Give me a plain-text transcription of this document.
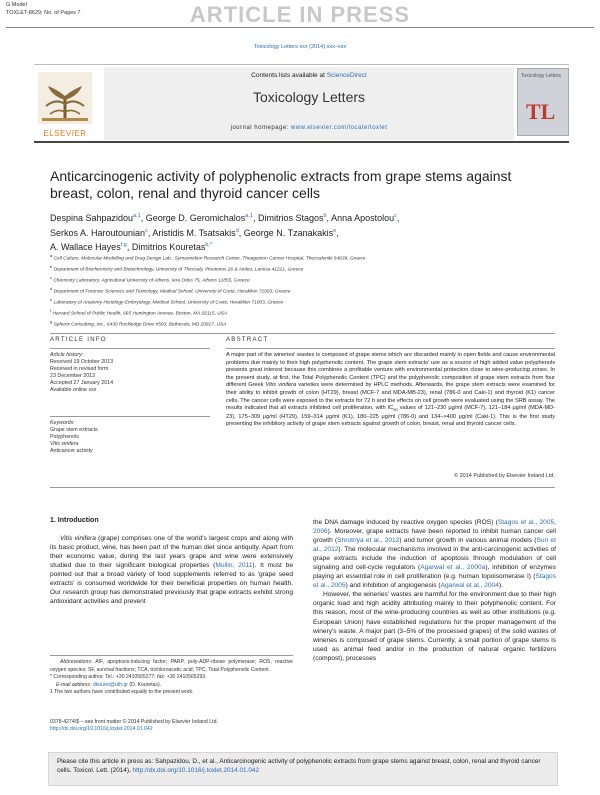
G Model
TOXLET-8629; No. of Pages 7	ARTICLE IN PRESS
Toxicology Letters xxx (2014) xxx–xxx
ELSEVIER
Contents lists available at ScienceDirect
Toxicology Letters
journal homepage: www.elsevier.com/locate/toxlet
Toxicology Letters
TL
Anticarcinogenic activity of polyphenolic extracts from grape stems against breast, colon, renal and thyroid cancer cells
Despina Sahpazidou$^{a,1}$, George D. Geromichalos$^{a,1}$, Dimitrios Stagos$^b$, Anna Apostolou$^c$,
Serkos A. Haroutounian$^c$, Aristidis M. Tsatsakis$^d$, George N. Tzanakakis$^e$,
A. Wallace Hayes$^{f,g}$, Dimitrios Kouretas$^{b,*}$
$^a$ Cell Culture, Molecular Modelling and Drug Design Lab., Symeonidion Research Center, Theagenion Cancer Hospital, Thessaloniki 54639, Greece
$^b$ Department of Biochemistry and Biotechnology, University of Thessaly, Ploutonos 26 & Aiolou, Larissa 41221, Greece
$^c$ Chemistry Laboratory, Agricultural University of Athens, Iera Odos 75, Athens 11855, Greece
$^d$ Department of Forensic Sciences and Toxicology, Medical School, University of Crete, Heraklion 71003, Greece
$^e$ Laboratory of Anatomy-Histology-Embryology, Medical School, University of Crete, Heraklion 71003, Greece
$^f$ Harvard School of Public Health, 665 Huntington Avenue, Boston, MA 02115, USA
$^g$ Spherix Consulting, Inc., 6430 Rockledge Drive #503, Bethesda, MD 20817, USA
ARTICLE INFO	ABSTRACT
Article history:
Received 19 October 2013
Received in revised form
23 December 2013
Accepted 27 January 2014
Available online xxx
Keywords:
Grape stem extracts
Polyphenols
Vitis vinifera
Anticancer activity
A major part of the wineries' wastes is composed of grape stems which are discarded mainly in open fields and cause environmental problems due mainly to their high polyphenolic content. The grape stem extracts' use as a source of high added value polyphenols presents great interest because this combines a profitable venture with environmental protection close to wine-producing zones. In the present study, at first, the Total Polyphenolic Content (TPC) and the polyphenolic composition of grape stem extracts from four different Greek Vitis vinifera varieties were determined by HPLC methods. Afterwards, the grape stem extracts were examined for their ability to inhibit growth of colon (HT29), breast (MCF-7 and MDA-MB-23), renal (786-0 and Caki-1) and thyroid (K1) cancer cells. The cancer cells were exposed to the extracts for 72 h and the effects on cell growth were evaluated using the SRB assay. The results indicated that all extracts inhibited cell proliferation, with $IC_{50}$ values of 121–230 μg/ml (MCF-7), 121–184 μg/ml (MDA-MD-23), 175–309 μg/ml (HT29), 159–314 μg/ml (K1), 180–225 μg/ml (786-0) and 134–>400 μg/ml (Caki-1). This is the first study presenting the inhibitory activity of grape stem extracts against growth of colon, breast, renal and thyroid cancer cells.
© 2014 Published by Elsevier Ireland Ltd.
1. Introduction
Vitis vinifera (grape) comprises one of the world's largest crops and along with its basic product, wine, has been part of the human diet since antiquity. Apart from their economic value, during the last years grape and wine were extensively studied due to their significant biological properties (Mullin, 2011). It must be pointed out that a broad variety of food supplements referred to as 'grape seed extracts' is consumed worldwide for their beneficial properties on human health. Our research group has demonstrated previously that grape extracts exhibit strong antioxidant activities and prevent
the DNA damage induced by reactive oxygen species (ROS) (Stagos et al., 2005, 2006). Moreover, grape extracts have been reported to inhibit human cancer cell growth (Shrotriya et al., 2012) and tumor growth in various animal models (Sun et al., 2012). The molecular mechanisms involved in the anti-carcinogenic activities of grape extracts include the induction of apoptosis through modulation of cell signaling and cell-cycle regulators (Agarwal et al., 2000a), inhibition of enzymes playing an essential role in cell proliferation (e.g. human topoisomerase I) (Stagos et al., 2005) and inhibition of angiogenesis (Agarwal et al., 2004).
However, the wineries' wastes are harmful for the environment due to their high organic load and high acidity attributing mainly to their polyphenolic content. For this reason, most of the wine-producing countries as well as other institutions (e.g. European Union) have established regulations for the proper management of the winery's waste. A major part (3–5% of the processed grapes) of the solid wastes of wineries is composed of grape stems. Currently, a small portion of grape stems is used as animal feed and/or in the production of natural organic fertilizers (compost), processes
Abbreviations: AIF, apoptosis-inducing factor; PARP, poly-ADP-ribose polymerase; ROS, reactive oxygen species; SF, survival fractions; TCA, trichloroacetic acid; TPC, Total Polyphenolic Content.
* Corresponding author. Tel.: +30 2410565277; fax: +30 2410565293.
E-mail address: dkouret@uth.gr (D. Kouretas).
1 The two authors have contributed equally to the present work.
0378-4274/$ – see front matter © 2014 Published by Elsevier Ireland Ltd.
http://dx.doi.org/10.1016/j.toxlet.2014.01.042
Please cite this article in press as: Sahpazidou, D., et al., Anticarcinogenic activity of polyphenolic extracts from grape stems against breast, colon, renal and thyroid cancer cells. Toxicol. Lett. (2014), http://dx.doi.org/10.1016/j.toxlet.2014.01.042
